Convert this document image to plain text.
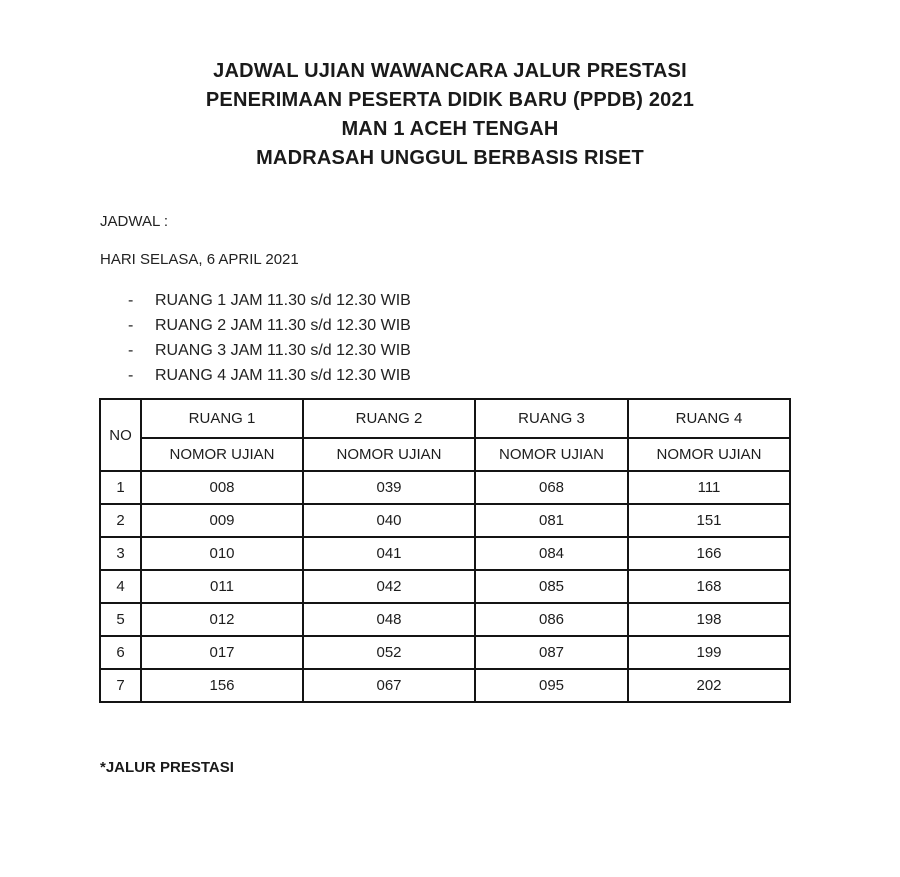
JADWAL UJIAN WAWANCARA JALUR PRESTASI
PENERIMAAN PESERTA DIDIK BARU (PPDB) 2021
MAN 1 ACEH TENGAH
MADRASAH UNGGUL BERBASIS RISET
JADWAL :
HARI SELASA, 6 APRIL 2021
-	RUANG 1 JAM 11.30 s/d 12.30 WIB
-	RUANG 2 JAM 11.30 s/d 12.30 WIB
-	RUANG 3 JAM 11.30 s/d 12.30 WIB
-	RUANG 4 JAM 11.30 s/d 12.30 WIB
NO	RUANG 1	RUANG 2	RUANG 3	RUANG 4
	NOMOR UJIAN	NOMOR UJIAN	NOMOR UJIAN	NOMOR UJIAN
1	008	039	068	111
2	009	040	081	151
3	010	041	084	166
4	011	042	085	168
5	012	048	086	198
6	017	052	087	199
7	156	067	095	202
*JALUR PRESTASI
